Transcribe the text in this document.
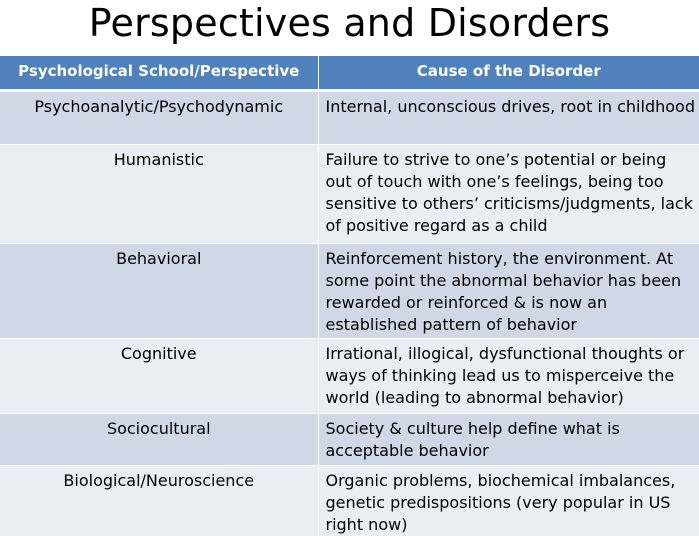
Perspectives and Disorders
Psychological School/Perspective	Cause of the Disorder
Psychoanalytic/Psychodynamic	Internal, unconscious drives, root in childhood
Humanistic	Failure to strive to one’s potential or being out of touch with one’s feelings, being too sensitive to others’ criticisms/judgments, lack of positive regard as a child
Behavioral	Reinforcement history, the environment. At some point the abnormal behavior has been rewarded or reinforced & is now an established pattern of behavior
Cognitive	Irrational, illogical, dysfunctional thoughts or ways of thinking lead us to misperceive the world (leading to abnormal behavior)
Sociocultural	Society & culture help define what is acceptable behavior
Biological/Neuroscience	Organic problems, biochemical imbalances, genetic predispositions (very popular in US right now)
